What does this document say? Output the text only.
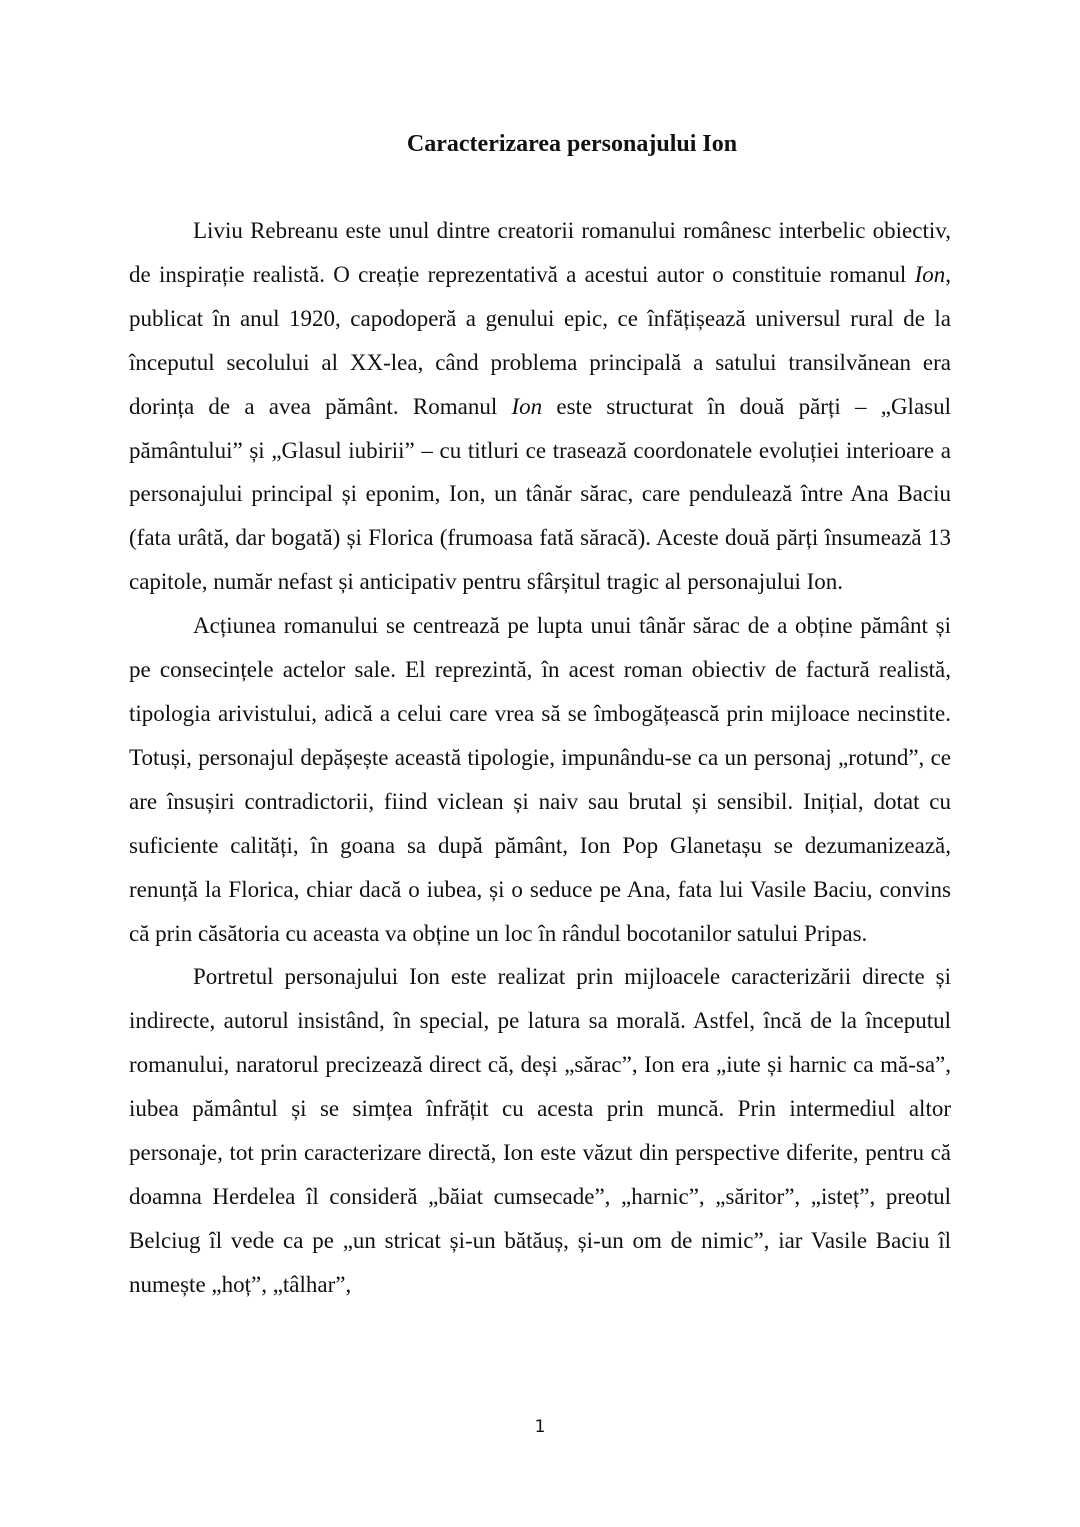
Caracterizarea personajului Ion

Liviu Rebreanu este unul dintre creatorii romanului românesc interbelic obiectiv, de inspirație realistă. O creație reprezentativă a acestui autor o constituie romanul Ion, publicat în anul 1920, capodoperă a genului epic, ce înfățișează universul rural de la începutul secolului al XX-lea, când problema principală a satului transilvănean era dorința de a avea pământ. Romanul Ion este structurat în două părți – „Glasul pământului” și „Glasul iubirii” – cu titluri ce trasează coordonatele evoluției interioare a personajului principal și eponim, Ion, un tânăr sărac, care pendulează între Ana Baciu (fata urâtă, dar bogată) și Florica (frumoasa fată săracă). Aceste două părți însumează 13 capitole, număr nefast și anticipativ pentru sfârșitul tragic al personajului Ion.

Acțiunea romanului se centrează pe lupta unui tânăr sărac de a obține pământ și pe consecințele actelor sale. El reprezintă, în acest roman obiectiv de factură realistă, tipologia arivistului, adică a celui care vrea să se îmbogățească prin mijloace necinstite. Totuși, personajul depășește această tipologie, impunându-se ca un personaj „rotund”, ce are însușiri contradictorii, fiind viclean și naiv sau brutal și sensibil. Inițial, dotat cu suficiente calități, în goana sa după pământ, Ion Pop Glanetașu se dezumanizează, renunță la Florica, chiar dacă o iubea, și o seduce pe Ana, fata lui Vasile Baciu, convins că prin căsătoria cu aceasta va obține un loc în rândul bocotanilor satului Pripas.

Portretul personajului Ion este realizat prin mijloacele caracterizării directe și indirecte, autorul insistând, în special, pe latura sa morală. Astfel, încă de la începutul romanului, naratorul precizează direct că, deși „sărac”, Ion era „iute și harnic ca mă-sa”, iubea pământul și se simțea înfrățit cu acesta prin muncă. Prin intermediul altor personaje, tot prin caracterizare directă, Ion este văzut din perspective diferite, pentru că doamna Herdelea îl consideră „băiat cumsecade”, „harnic”, „săritor”, „isteț”, preotul Belciug îl vede ca pe „un stricat și-un bătăuș, și-un om de nimic”, iar Vasile Baciu îl numește „hoț”, „tâlhar”,

1
